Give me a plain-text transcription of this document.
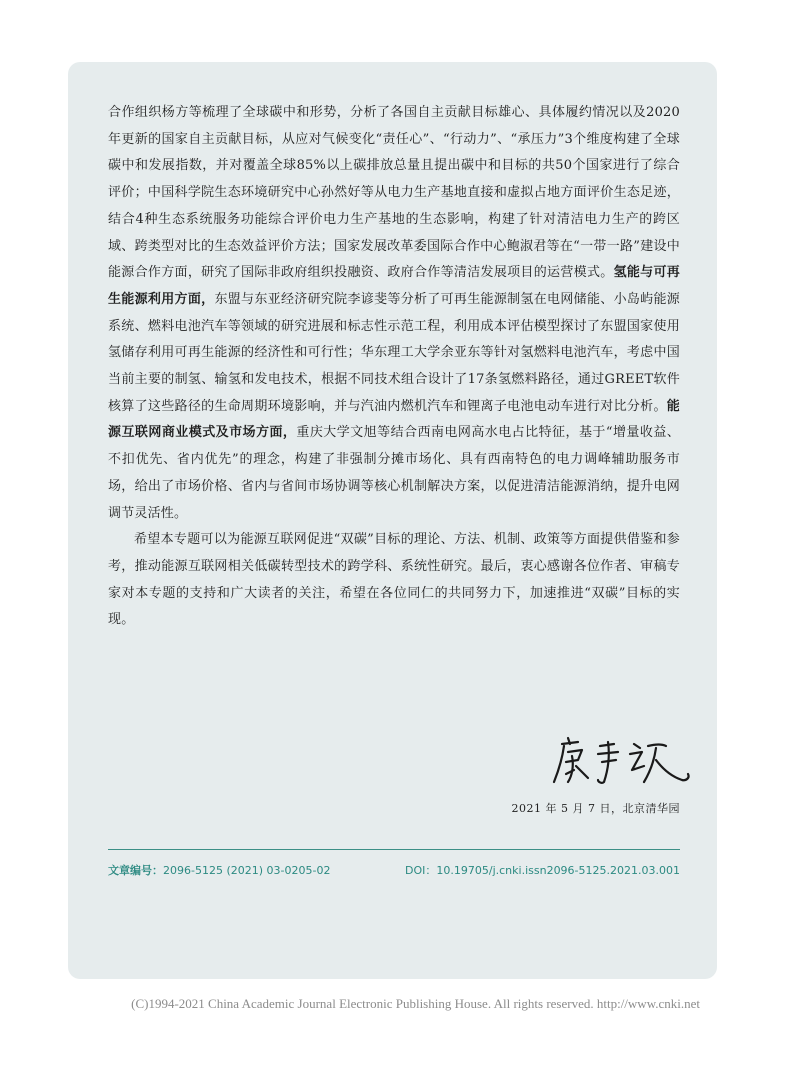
合作组织杨方等梳理了全球碳中和形势，分析了各国自主贡献目标雄心、具体履约情况以及2020年更新的国家自主贡献目标，从应对气候变化“责任心”、“行动力”、“承压力”3个维度构建了全球碳中和发展指数，并对覆盖全球85%以上碳排放总量且提出碳中和目标的共50个国家进行了综合评价；中国科学院生态环境研究中心孙然好等从电力生产基地直接和虚拟占地方面评价生态足迹，结合4种生态系统服务功能综合评价电力生产基地的生态影响，构建了针对清洁电力生产的跨区域、跨类型对比的生态效益评价方法；国家发展改革委国际合作中心鲍淑君等在“一带一路”建设中能源合作方面，研究了国际非政府组织投融资、政府合作等清洁发展项目的运营模式。氢能与可再生能源利用方面，东盟与东亚经济研究院李谚斐等分析了可再生能源制氢在电网储能、小岛屿能源系统、燃料电池汽车等领域的研究进展和标志性示范工程，利用成本评估模型探讨了东盟国家使用氢储存利用可再生能源的经济性和可行性；华东理工大学余亚东等针对氢燃料电池汽车，考虑中国当前主要的制氢、输氢和发电技术，根据不同技术组合设计了17条氢燃料路径，通过GREET软件核算了这些路径的生命周期环境影响，并与汽油内燃机汽车和锂离子电池电动车进行对比分析。能源互联网商业模式及市场方面，重庆大学文旭等结合西南电网高水电占比特征，基于“增量收益、不扣优先、省内优先”的理念，构建了非强制分摊市场化、具有西南特色的电力调峰辅助服务市场，给出了市场价格、省内与省间市场协调等核心机制解决方案，以促进清洁能源消纳，提升电网调节灵活性。

希望本专题可以为能源互联网促进“双碳”目标的理论、方法、机制、政策等方面提供借鉴和参考，推动能源互联网相关低碳转型技术的跨学科、系统性研究。最后，衷心感谢各位作者、审稿专家对本专题的支持和广大读者的关注，希望在各位同仁的共同努力下，加速推进“双碳”目标的实现。

2021 年 5 月 7 日，北京清华园
文章编号：2096-5125 (2021) 03-0205-02	DOI：10.19705/j.cnki.issn2096-5125.2021.03.001
(C)1994-2021 China Academic Journal Electronic Publishing House. All rights reserved. http://www.cnki.net
